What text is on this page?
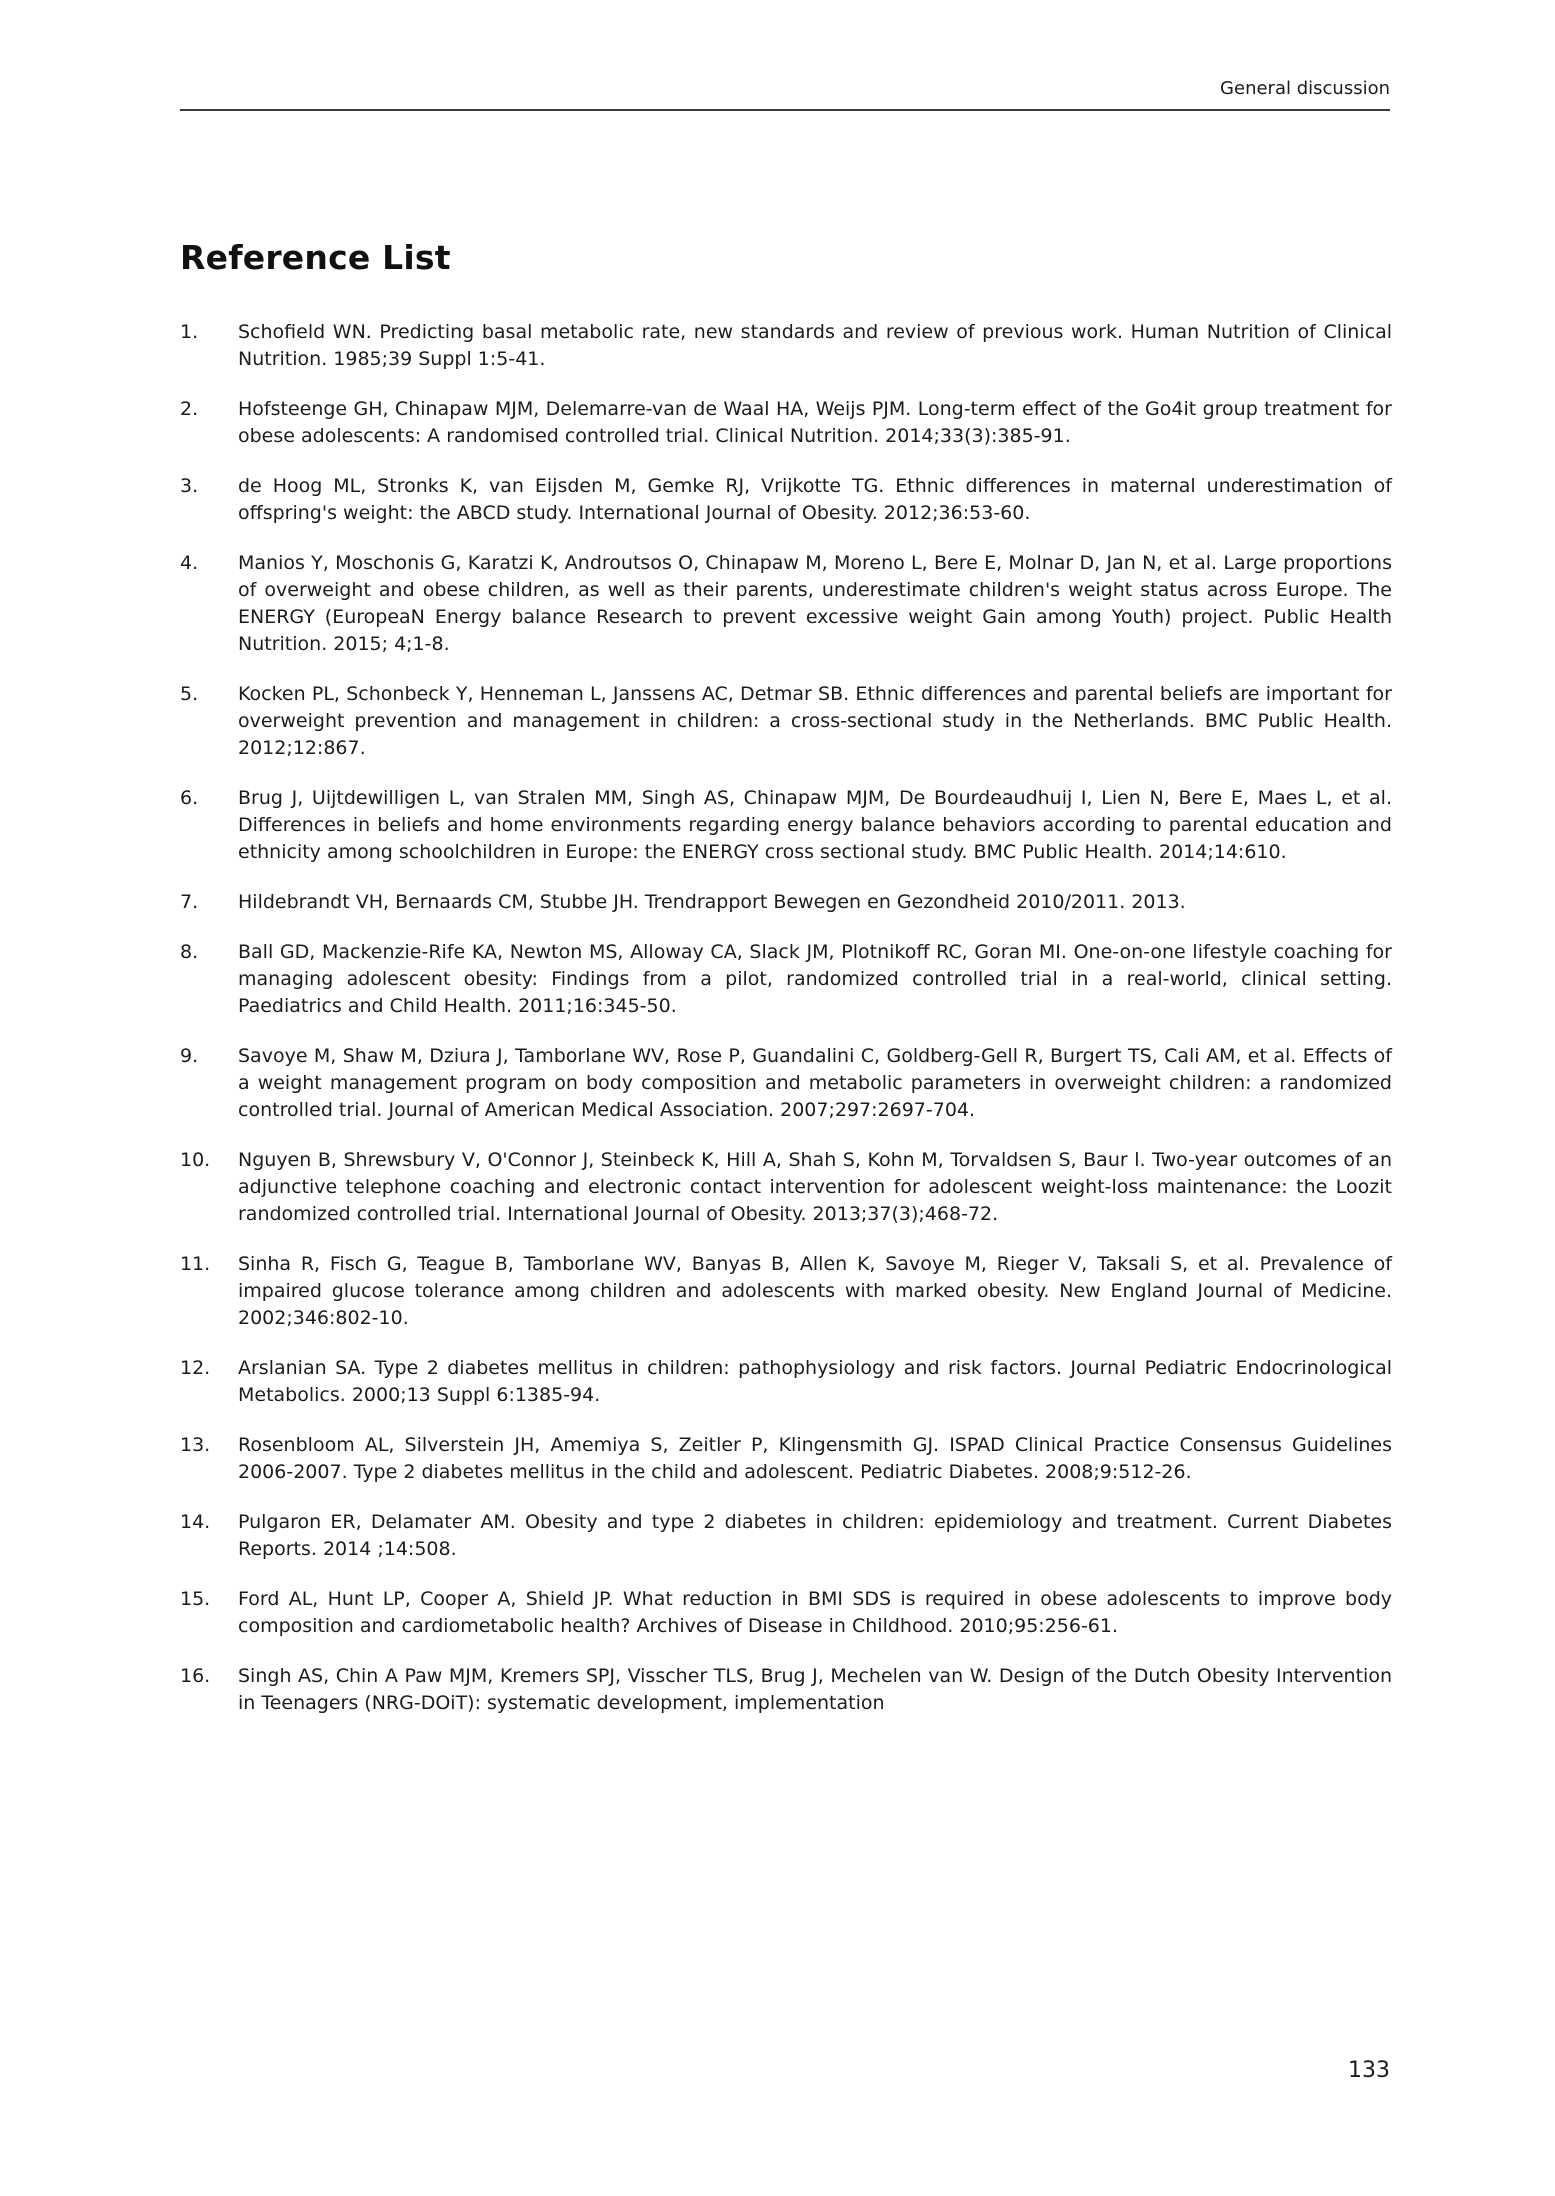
General discussion
Reference List
1.	Schofield WN. Predicting basal metabolic rate, new standards and review of previous work. Human Nutrition of Clinical Nutrition. 1985;39 Suppl 1:5-41.
2.	Hofsteenge GH, Chinapaw MJM, Delemarre-van de Waal HA, Weijs PJM. Long-term effect of the Go4it group treatment for obese adolescents: A randomised controlled trial. Clinical Nutrition. 2014;33(3):385-91.
3.	de Hoog ML, Stronks K, van Eijsden M, Gemke RJ, Vrijkotte TG. Ethnic differences in maternal underestimation of offspring's weight: the ABCD study. International Journal of Obesity. 2012;36:53-60.
4.	Manios Y, Moschonis G, Karatzi K, Androutsos O, Chinapaw M, Moreno L, Bere E, Molnar D, Jan N, et al. Large proportions of overweight and obese children, as well as their parents, underestimate children's weight status across Europe. The ENERGY (EuropeaN Energy balance Research to prevent excessive weight Gain among Youth) project. Public Health Nutrition. 2015; 4;1-8.
5.	Kocken PL, Schonbeck Y, Henneman L, Janssens AC, Detmar SB. Ethnic differences and parental beliefs are important for overweight prevention and management in children: a cross-sectional study in the Netherlands. BMC Public Health. 2012;12:867.
6.	Brug J, Uijtdewilligen L, van Stralen MM, Singh AS, Chinapaw MJM, De Bourdeaudhuij I, Lien N, Bere E, Maes L, et al. Differences in beliefs and home environments regarding energy balance behaviors according to parental education and ethnicity among schoolchildren in Europe: the ENERGY cross sectional study. BMC Public Health. 2014;14:610.
7.	Hildebrandt VH, Bernaards CM, Stubbe JH. Trendrapport Bewegen en Gezondheid 2010/2011. 2013.
8.	Ball GD, Mackenzie-Rife KA, Newton MS, Alloway CA, Slack JM, Plotnikoff RC, Goran MI. One-on-one lifestyle coaching for managing adolescent obesity: Findings from a pilot, randomized controlled trial in a real-world, clinical setting. Paediatrics and Child Health. 2011;16:345-50.
9.	Savoye M, Shaw M, Dziura J, Tamborlane WV, Rose P, Guandalini C, Goldberg-Gell R, Burgert TS, Cali AM, et al. Effects of a weight management program on body composition and metabolic parameters in overweight children: a randomized controlled trial. Journal of American Medical Association. 2007;297:2697-704.
10.	Nguyen B, Shrewsbury V, O'Connor J, Steinbeck K, Hill A, Shah S, Kohn M, Torvaldsen S, Baur l. Two-year outcomes of an adjunctive telephone coaching and electronic contact intervention for adolescent weight-loss maintenance: the Loozit randomized controlled trial. International Journal of Obesity. 2013;37(3);468-72.
11.	Sinha R, Fisch G, Teague B, Tamborlane WV, Banyas B, Allen K, Savoye M, Rieger V, Taksali S, et al. Prevalence of impaired glucose tolerance among children and adolescents with marked obesity. New England Journal of Medicine. 2002;346:802-10.
12.	Arslanian SA. Type 2 diabetes mellitus in children: pathophysiology and risk factors. Journal Pediatric Endocrinological Metabolics. 2000;13 Suppl 6:1385-94.
13.	Rosenbloom AL, Silverstein JH, Amemiya S, Zeitler P, Klingensmith GJ. ISPAD Clinical Practice Consensus Guidelines 2006-2007. Type 2 diabetes mellitus in the child and adolescent. Pediatric Diabetes. 2008;9:512-26.
14.	Pulgaron ER, Delamater AM. Obesity and type 2 diabetes in children: epidemiology and treatment. Current Diabetes Reports. 2014 ;14:508.
15.	Ford AL, Hunt LP, Cooper A, Shield JP. What reduction in BMI SDS is required in obese adolescents to improve body composition and cardiometabolic health? Archives of Disease in Childhood. 2010;95:256-61.
16.	Singh AS, Chin A Paw MJM, Kremers SPJ, Visscher TLS, Brug J, Mechelen van W. Design of the Dutch Obesity Intervention in Teenagers (NRG-DOiT): systematic development, implementation
133
